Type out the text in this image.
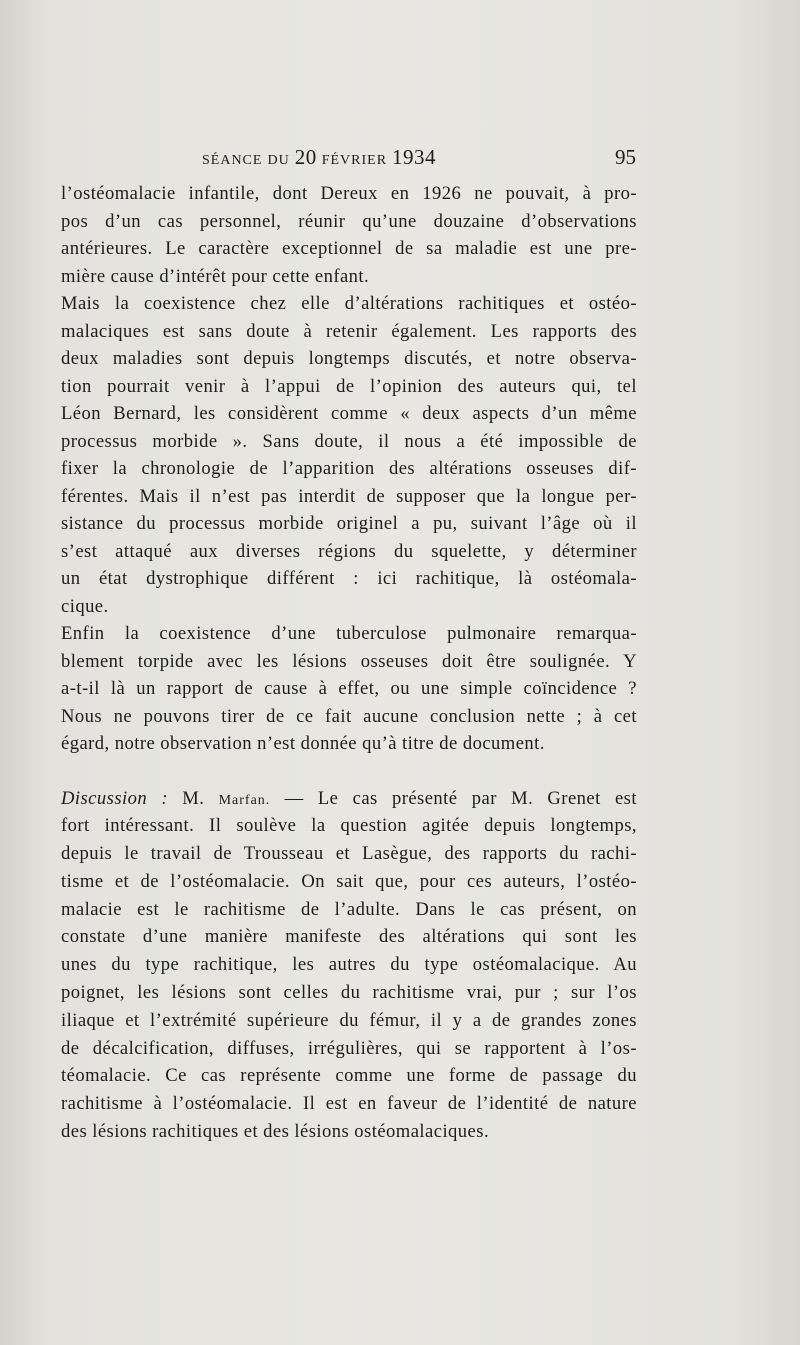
SÉANCE DU 20 FÉVRIER 1934	95

l’ostéomalacie infantile, dont Dereux en 1926 ne pouvait, à pro-
pos d’un cas personnel, réunir qu’une douzaine d’observations
antérieures. Le caractère exceptionnel de sa maladie est une pre-
mière cause d’intérêt pour cette enfant.

Mais la coexistence chez elle d’altérations rachitiques et ostéo-
malaciques est sans doute à retenir également. Les rapports des
deux maladies sont depuis longtemps discutés, et notre observa-
tion pourrait venir à l’appui de l’opinion des auteurs qui, tel
Léon Bernard, les considèrent comme « deux aspects d’un même
processus morbide ». Sans doute, il nous a été impossible de
fixer la chronologie de l’apparition des altérations osseuses dif-
férentes. Mais il n’est pas interdit de supposer que la longue per-
sistance du processus morbide originel a pu, suivant l’âge où il
s’est attaqué aux diverses régions du squelette, y déterminer
un état dystrophique différent : ici rachitique, là ostéomala-
cique.

Enfin la coexistence d’une tuberculose pulmonaire remarqua-
blement torpide avec les lésions osseuses doit être soulignée. Y
a-t-il là un rapport de cause à effet, ou une simple coïncidence ?
Nous ne pouvons tirer de ce fait aucune conclusion nette ; à cet
égard, notre observation n’est donnée qu’à titre de document.

Discussion : M. Marfan. — Le cas présenté par M. Grenet est
fort intéressant. Il soulève la question agitée depuis longtemps,
depuis le travail de Trousseau et Lasègue, des rapports du rachi-
tisme et de l’ostéomalacie. On sait que, pour ces auteurs, l’ostéo-
malacie est le rachitisme de l’adulte. Dans le cas présent, on
constate d’une manière manifeste des altérations qui sont les
unes du type rachitique, les autres du type ostéomalacique. Au
poignet, les lésions sont celles du rachitisme vrai, pur ; sur l’os
iliaque et l’extrémité supérieure du fémur, il y a de grandes zones
de décalcification, diffuses, irrégulières, qui se rapportent à l’os-
téomalacie. Ce cas représente comme une forme de passage du
rachitisme à l’ostéomalacie. Il est en faveur de l’identité de nature
des lésions rachitiques et des lésions ostéomalaciques.
